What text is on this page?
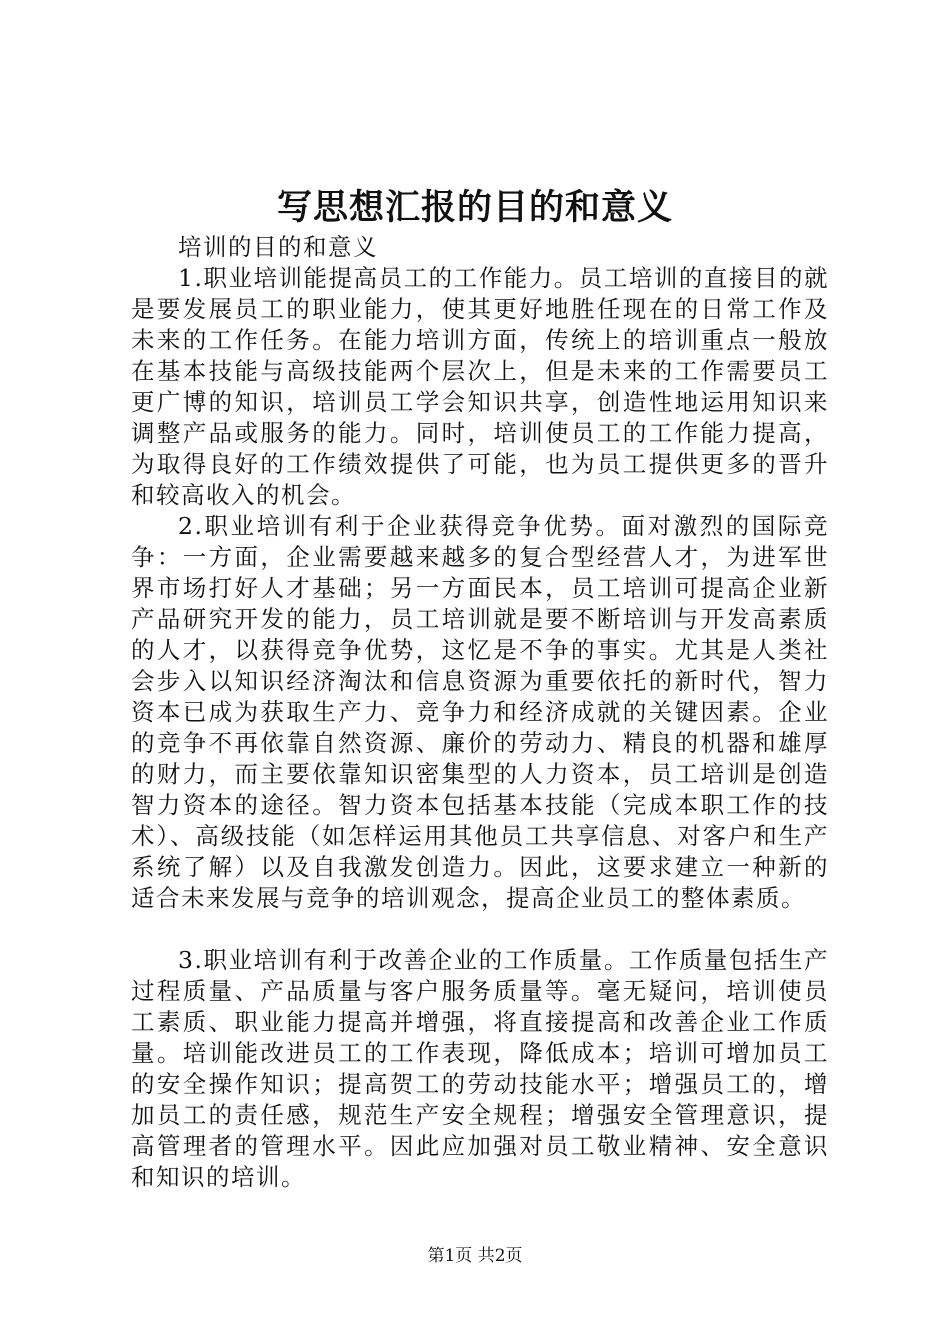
写思想汇报的目的和意义

培训的目的和意义

1.职业培训能提高员工的工作能力。员工培训的直接目的就是要发展员工的职业能力，使其更好地胜任现在的日常工作及未来的工作任务。在能力培训方面，传统上的培训重点一般放在基本技能与高级技能两个层次上，但是未来的工作需要员工更广博的知识，培训员工学会知识共享，创造性地运用知识来调整产品或服务的能力。同时，培训使员工的工作能力提高，为取得良好的工作绩效提供了可能，也为员工提供更多的晋升和较高收入的机会。

2.职业培训有利于企业获得竞争优势。面对激烈的国际竞争：一方面，企业需要越来越多的复合型经营人才，为进军世界市场打好人才基础；另一方面民本，员工培训可提高企业新产品研究开发的能力，员工培训就是要不断培训与开发高素质的人才，以获得竞争优势，这忆是不争的事实。尤其是人类社会步入以知识经济淘汰和信息资源为重要依托的新时代，智力资本已成为获取生产力、竞争力和经济成就的关键因素。企业的竞争不再依靠自然资源、廉价的劳动力、精良的机器和雄厚的财力，而主要依靠知识密集型的人力资本，员工培训是创造智力资本的途径。智力资本包括基本技能（完成本职工作的技术）、高级技能（如怎样运用其他员工共享信息、对客户和生产系统了解）以及自我激发创造力。因此，这要求建立一种新的适合未来发展与竞争的培训观念，提高企业员工的整体素质。

3.职业培训有利于改善企业的工作质量。工作质量包括生产过程质量、产品质量与客户服务质量等。毫无疑问，培训使员工素质、职业能力提高并增强，将直接提高和改善企业工作质量。培训能改进员工的工作表现，降低成本；培训可增加员工的安全操作知识；提高贺工的劳动技能水平；增强员工的，增加员工的责任感，规范生产安全规程；增强安全管理意识，提高管理者的管理水平。因此应加强对员工敬业精神、安全意识和知识的培训。

第1页 共2页
